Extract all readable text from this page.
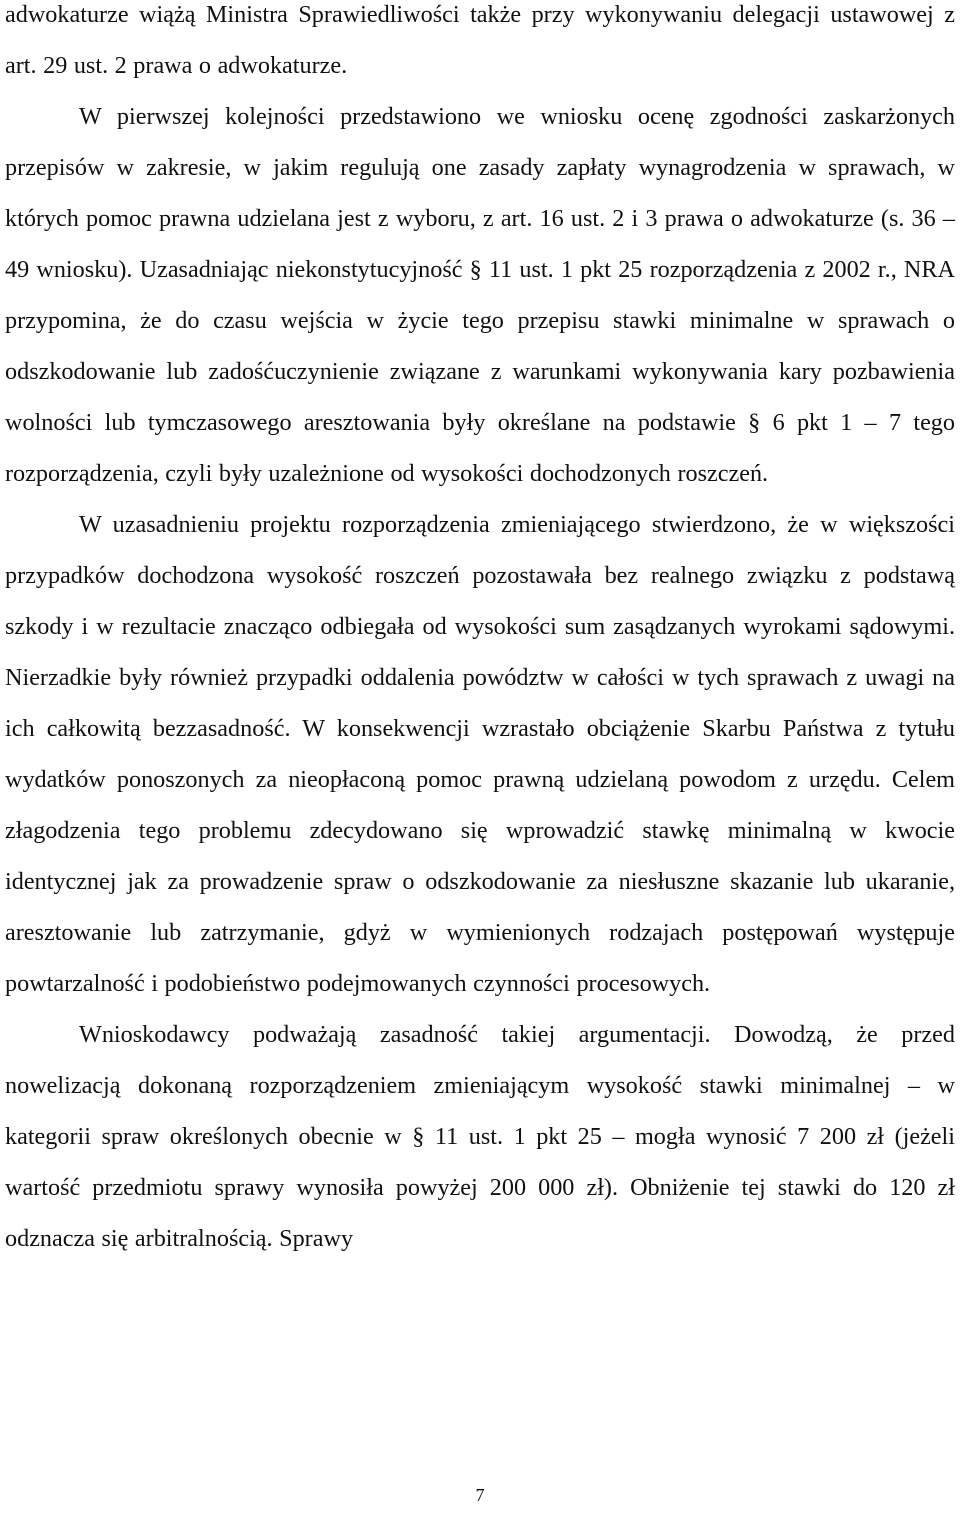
adwokaturze wiążą Ministra Sprawiedliwości także przy wykonywaniu delegacji ustawowej z art. 29 ust. 2 prawa o adwokaturze.

W pierwszej kolejności przedstawiono we wniosku ocenę zgodności zaskarżonych przepisów w zakresie, w jakim regulują one zasady zapłaty wynagrodzenia w sprawach, w których pomoc prawna udzielana jest z wyboru, z art. 16 ust. 2 i 3 prawa o adwokaturze (s. 36 – 49 wniosku). Uzasadniając niekonstytucyjność § 11 ust. 1 pkt 25 rozporządzenia z 2002 r., NRA przypomina, że do czasu wejścia w życie tego przepisu stawki minimalne w sprawach o odszkodowanie lub zadośćuczynienie związane z warunkami wykonywania kary pozbawienia wolności lub tymczasowego aresztowania były określane na podstawie § 6 pkt 1 – 7 tego rozporządzenia, czyli były uzależnione od wysokości dochodzonych roszczeń.

W uzasadnieniu projektu rozporządzenia zmieniającego stwierdzono, że w większości przypadków dochodzona wysokość roszczeń pozostawała bez realnego związku z podstawą szkody i w rezultacie znacząco odbiegała od wysokości sum zasądzanych wyrokami sądowymi. Nierzadkie były również przypadki oddalenia powództw w całości w tych sprawach z uwagi na ich całkowitą bezzasadność. W konsekwencji wzrastało obciążenie Skarbu Państwa z tytułu wydatków ponoszonych za nieopłaconą pomoc prawną udzielaną powodom z urzędu. Celem złagodzenia tego problemu zdecydowano się wprowadzić stawkę minimalną w kwocie identycznej jak za prowadzenie spraw o odszkodowanie za niesłuszne skazanie lub ukaranie, aresztowanie lub zatrzymanie, gdyż w wymienionych rodzajach postępowań występuje powtarzalność i podobieństwo podejmowanych czynności procesowych.

Wnioskodawcy podważają zasadność takiej argumentacji. Dowodzą, że przed nowelizacją dokonaną rozporządzeniem zmieniającym wysokość stawki minimalnej – w kategorii spraw określonych obecnie w § 11 ust. 1 pkt 25 – mogła wynosić 7 200 zł (jeżeli wartość przedmiotu sprawy wynosiła powyżej 200 000 zł). Obniżenie tej stawki do 120 zł odznacza się arbitralnością. Sprawy

7
